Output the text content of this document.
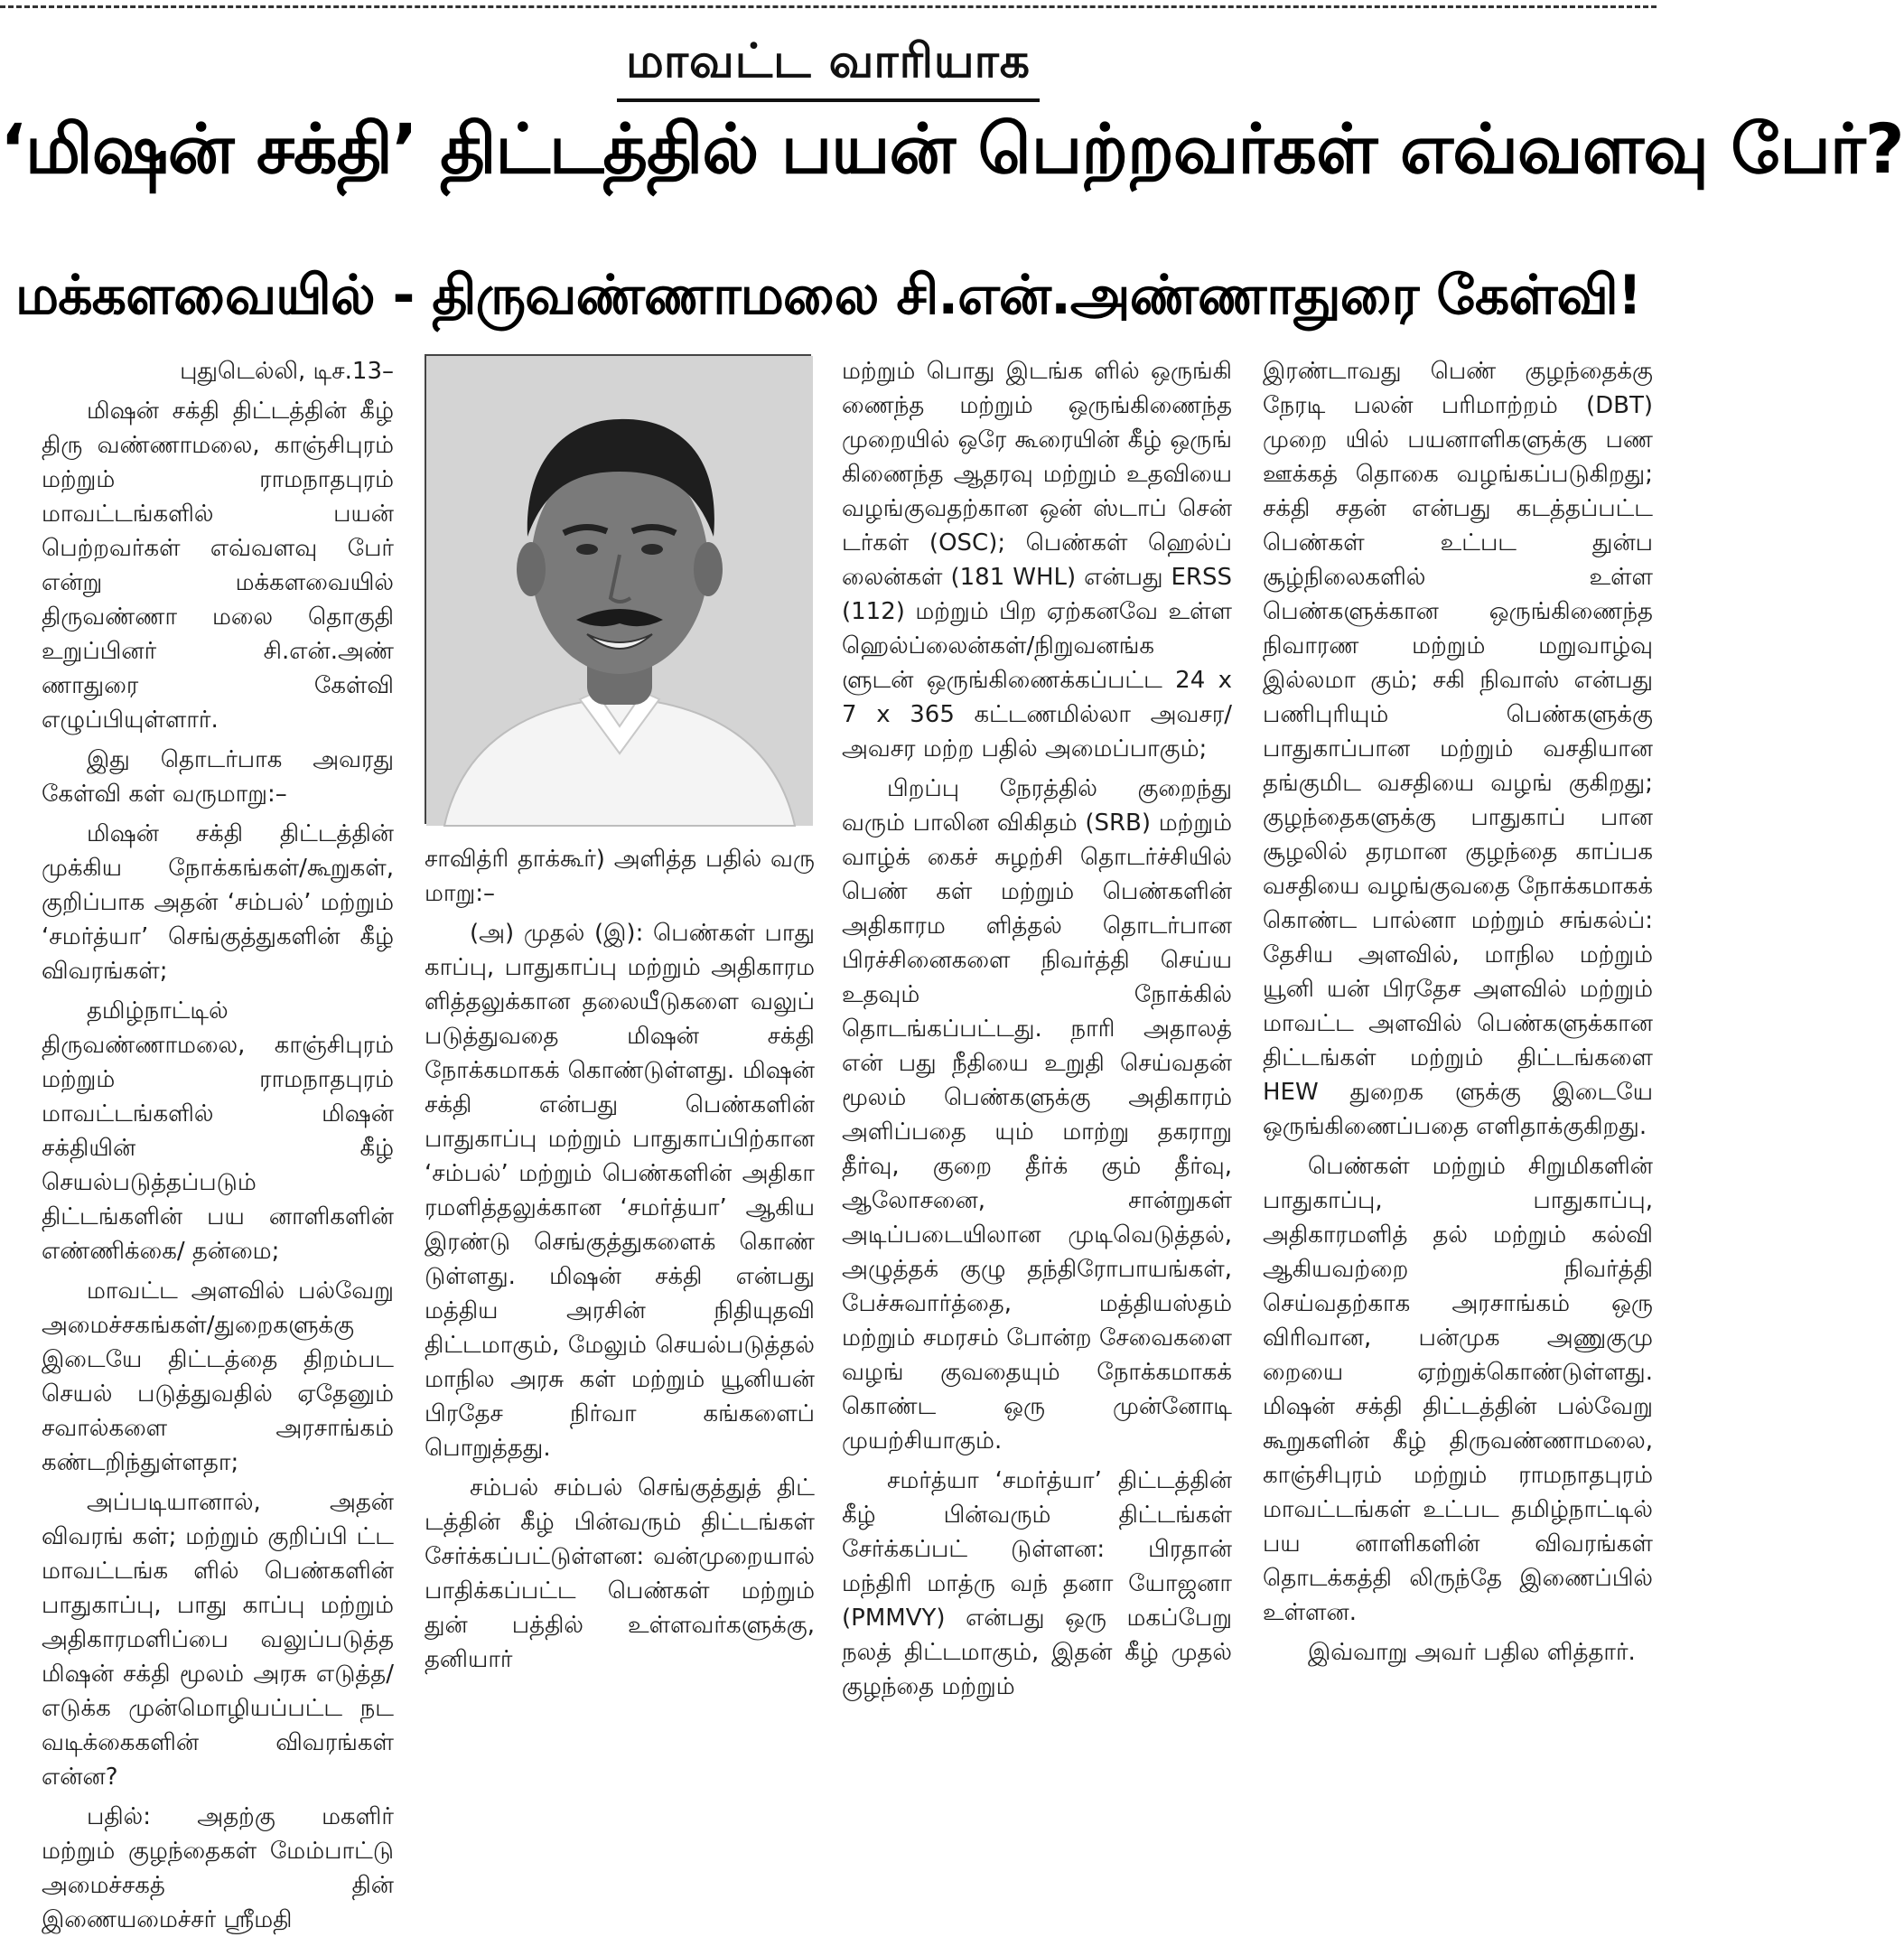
மாவட்ட வாரியாக
‘மிஷன் சக்தி’ திட்டத்தில் பயன் பெற்றவர்கள் எவ்வளவு பேர்?
மக்களவையில் - திருவண்ணாமலை சி.என்.அண்ணாதுரை கேள்வி!

புதுடெல்லி, டிச.13–

மிஷன் சக்தி திட்டத்தின் கீழ் திரு வண்ணாமலை, காஞ்சிபுரம் மற்றும் ராமநாதபுரம் மாவட்டங்களில் பயன் பெற்றவர்கள் எவ்வளவு பேர் என்று மக்களவையில் திருவண்ணா மலை தொகுதி உறுப்பினர் சி.என்.அண் ணாதுரை கேள்வி எழுப்பியுள்ளார்.

இது தொடர்பாக அவரது கேள்வி கள் வருமாறு:–

மிஷன் சக்தி திட்டத்தின் முக்கிய நோக்கங்கள்/கூறுகள், குறிப்பாக அதன் ‘சம்பல்’ மற்றும் ‘சமர்த்யா’ செங்குத்துகளின் கீழ் விவரங்கள்;

தமிழ்நாட்டில் திருவண்ணாமலை, காஞ்சிபுரம் மற்றும் ராமநாதபுரம் மாவட்டங்களில் மிஷன் சக்தியின் கீழ் செயல்படுத்தப்படும் திட்டங்களின் பய னாளிகளின் எண்ணிக்கை/ தன்மை;

மாவட்ட அளவில் பல்வேறு அமைச்சகங்கள்/துறைகளுக்கு இடையே திட்டத்தை திறம்பட செயல் படுத்துவதில் ஏதேனும் சவால்களை அரசாங்கம் கண்டறிந்துள்ளதா;

அப்படியானால், அதன் விவரங் கள்; மற்றும் குறிப்பி ட்ட மாவட்டங்க ளில் பெண்களின் பாதுகாப்பு, பாது காப்பு மற்றும் அதிகாரமளிப்பை வலுப்படுத்த மிஷன் சக்தி மூலம் அரசு எடுத்த/ எடுக்க முன்மொழியப்பட்ட நட வடிக்கைகளின் விவரங்கள் என்ன?

பதில்: அதற்கு மகளிர் மற்றும் குழந்தைகள் மேம்பாட்டு அமைச்சகத் தின் இணையமைச்சர் ஸ்ரீமதி

சாவித்ரி தாக்கூர்) அளித்த பதில் வரு மாறு:–

(அ) முதல் (இ): பெண்கள் பாது காப்பு, பாதுகாப்பு மற்றும் அதிகாரம ளித்தலுக்கான தலையீடுகளை வலுப் படுத்துவதை மிஷன் சக்தி நோக்கமாகக் கொண்டுள்ளது. மிஷன் சக்தி என்பது பெண்களின் பாதுகாப்பு மற்றும் பாதுகாப்பிற்கான ‘சம்பல்’ மற்றும் பெண்களின் அதிகா ரமளித்தலுக்கான ‘சமர்த்யா’ ஆகிய இரண்டு செங்குத்துகளைக் கொண் டுள்ளது. மிஷன் சக்தி என்பது மத்திய அரசின் நிதியுதவி திட்டமாகும், மேலும் செயல்படுத்தல் மாநில அரசு கள் மற்றும் யூனியன் பிரதேச நிர்வா கங்களைப் பொறுத்தது.

சம்பல் சம்பல் செங்குத்துத் திட் டத்தின் கீழ் பின்வரும் திட்டங்கள் சேர்க்கப்பட்டுள்ளன: வன்முறையால் பாதிக்கப்பட்ட பெண்கள் மற்றும் துன் பத்தில் உள்ளவர்களுக்கு, தனியார்

மற்றும் பொது இடங்க ளில் ஒருங்கி ணைந்த மற்றும் ஒருங்கிணைந்த முறையில் ஒரே கூரையின் கீழ் ஒருங் கிணைந்த ஆதரவு மற்றும் உதவியை வழங்குவதற்கான ஒன் ஸ்டாப் சென் டர்கள் (OSC); பெண்கள் ஹெல்ப் லைன்கள் (181 WHL) என்பது ERSS (112) மற்றும் பிற ஏற்கனவே உள்ள ஹெல்ப்லைன்கள்/நிறுவனங்க ளுடன் ஒருங்கிணைக்கப்பட்ட 24 x 7 x 365 கட்டணமில்லா அவசர/அவசர மற்ற பதில் அமைப்பாகும்;

பிறப்பு நேரத்தில் குறைந்து வரும் பாலின விகிதம் (SRB) மற்றும் வாழ்க் கைச் சுழற்சி தொடர்ச்சியில் பெண் கள் மற்றும் பெண்களின் அதிகாரம ளித்தல் தொடர்பான பிரச்சினைகளை நிவர்த்தி செய்ய உதவும் நோக்கில் தொடங்கப்பட்டது. நாரி அதாலத் என் பது நீதியை உறுதி செய்வதன் மூலம் பெண்களுக்கு அதிகாரம் அளிப்பதை யும் மாற்று தகராறு தீர்வு, குறை தீர்க் கும் தீர்வு, ஆலோசனை, சான்றுகள் அடிப்படையிலான முடிவெடுத்தல், அழுத்தக் குழு தந்திரோபாயங்கள், பேச்சுவார்த்தை, மத்தியஸ்தம் மற்றும் சமரசம் போன்ற சேவைகளை வழங் குவதையும் நோக்கமாகக் கொண்ட ஒரு முன்னோடி முயற்சியாகும்.

சமர்த்யா ‘சமர்த்யா’ திட்டத்தின் கீழ் பின்வரும் திட்டங்கள் சேர்க்கப்பட் டுள்ளன: பிரதான் மந்திரி மாத்ரு வந் தனா யோஜனா (PMMVY) என்பது ஒரு மகப்பேறு நலத் திட்டமாகும், இதன் கீழ் முதல் குழந்தை மற்றும்

இரண்டாவது பெண் குழந்தைக்கு நேரடி பலன் பரிமாற்றம் (DBT) முறை யில் பயனாளிகளுக்கு பண ஊக்கத் தொகை வழங்கப்படுகிறது; சக்தி சதன் என்பது கடத்தப்பட்ட பெண்கள் உட்பட துன்ப சூழ்நிலைகளில் உள்ள பெண்களுக்கான ஒருங்கிணைந்த நிவாரண மற்றும் மறுவாழ்வு இல்லமா கும்; சகி நிவாஸ் என்பது பணிபுரியும் பெண்களுக்கு பாதுகாப்பான மற்றும் வசதியான தங்குமிட வசதியை வழங் குகிறது; குழந்தைகளுக்கு பாதுகாப் பான சூழலில் தரமான குழந்தை காப்பக வசதியை வழங்குவதை நோக்கமாகக் கொண்ட பால்னா மற்றும் சங்கல்ப்: தேசிய அளவில், மாநில மற்றும் யூனி யன் பிரதேச அளவில் மற்றும் மாவட்ட அளவில் பெண்களுக்கான திட்டங்கள் மற்றும் திட்டங்களை HEW துறைக ளுக்கு இடையே ஒருங்கிணைப்பதை எளிதாக்குகிறது.

பெண்கள் மற்றும் சிறுமிகளின் பாதுகாப்பு, பாதுகாப்பு, அதிகாரமளித் தல் மற்றும் கல்வி ஆகியவற்றை நிவர்த்தி செய்வதற்காக அரசாங்கம் ஒரு விரிவான, பன்முக அணுகுமு றையை ஏற்றுக்கொண்டுள்ளது. மிஷன் சக்தி திட்டத்தின் பல்வேறு கூறுகளின் கீழ் திருவண்ணாமலை, காஞ்சிபுரம் மற்றும் ராமநாதபுரம் மாவட்டங்கள் உட்பட தமிழ்நாட்டில் பய னாளிகளின் விவரங்கள் தொடக்கத்தி லிருந்தே இணைப்பில் உள்ளன.

இவ்வாறு அவர் பதில ளித்தார்.
